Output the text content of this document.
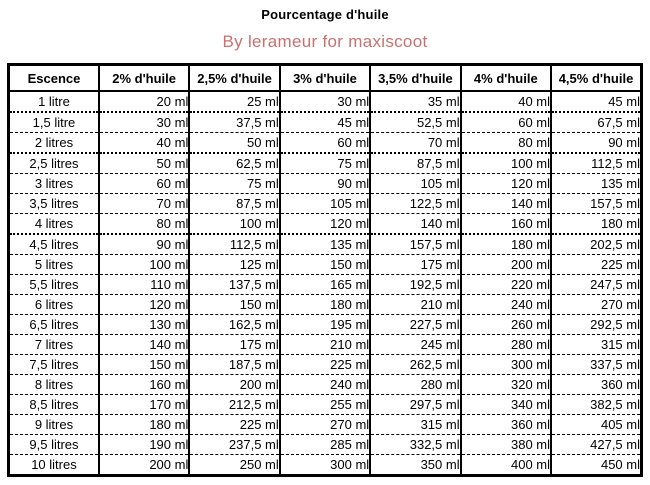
Pourcentage d'huile
By lerameur for maxiscoot
Escence	2% d'huile	2,5% d'huile	3% d'huile	3,5% d'huile	4% d'huile	4,5% d'huile
1 litre	20 ml	25 ml	30 ml	35 ml	40 ml	45 ml
1,5 litre	30 ml	37,5 ml	45 ml	52,5 ml	60 ml	67,5 ml
2 litres	40 ml	50 ml	60 ml	70 ml	80 ml	90 ml
2,5 litres	50 ml	62,5 ml	75 ml	87,5 ml	100 ml	112,5 ml
3 litres	60 ml	75 ml	90 ml	105 ml	120 ml	135 ml
3,5 litres	70 ml	87,5 ml	105 ml	122,5 ml	140 ml	157,5 ml
4 litres	80 ml	100 ml	120 ml	140 ml	160 ml	180 ml
4,5 litres	90 ml	112,5 ml	135 ml	157,5 ml	180 ml	202,5 ml
5 litres	100 ml	125 ml	150 ml	175 ml	200 ml	225 ml
5,5 litres	110 ml	137,5 ml	165 ml	192,5 ml	220 ml	247,5 ml
6 litres	120 ml	150 ml	180 ml	210 ml	240 ml	270 ml
6,5 litres	130 ml	162,5 ml	195 ml	227,5 ml	260 ml	292,5 ml
7 litres	140 ml	175 ml	210 ml	245 ml	280 ml	315 ml
7,5 litres	150 ml	187,5 ml	225 ml	262,5 ml	300 ml	337,5 ml
8 litres	160 ml	200 ml	240 ml	280 ml	320 ml	360 ml
8,5 litres	170 ml	212,5 ml	255 ml	297,5 ml	340 ml	382,5 ml
9 litres	180 ml	225 ml	270 ml	315 ml	360 ml	405 ml
9,5 litres	190 ml	237,5 ml	285 ml	332,5 ml	380 ml	427,5 ml
10 litres	200 ml	250 ml	300 ml	350 ml	400 ml	450 ml
